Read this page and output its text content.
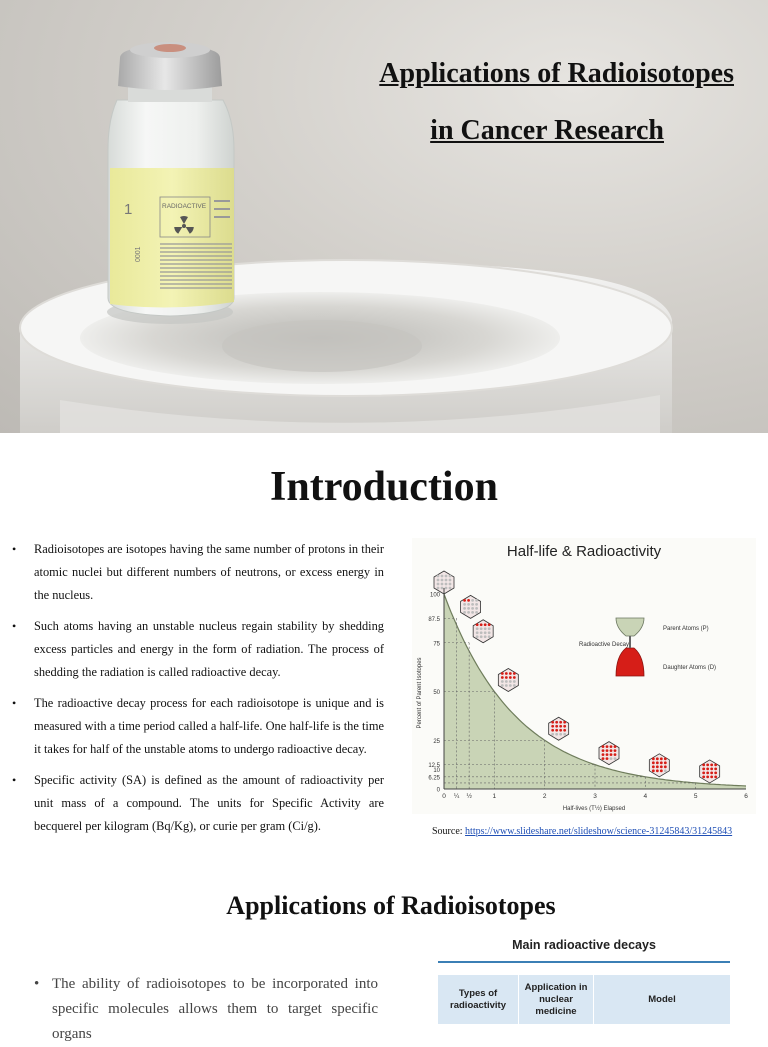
1	RADIOACTIVE
0001
Applications of Radioisotopes
in Cancer Research
Introduction
• Radioisotopes are isotopes having the same number of protons in their atomic nuclei but different numbers of neutrons, or excess energy in the nucleus.
• Such atoms having an unstable nucleus regain stability by shedding excess particles and energy in the form of radiation. The process of shedding the radiation is called radioactive decay.
• The radioactive decay process for each radioisotope is unique and is measured with a time period called a half-life. One half-life is the time it takes for half of the unstable atoms to undergo radioactive decay.
• Specific activity (SA) is defined as the amount of radioactivity per unit mass of a compound. The units for Specific Activity are becquerel per kilogram (Bq/Kg), or curie per gram (Ci/g).
Half-life & Radioactivity
100
87.5
75
50
25
12.5
6.25
10
0
0 ¼ ½	1	2	3	4	5	6
Half-lives (T½) Elapsed
Percent of Parent Isotopes
Radioactive Decay
Parent Atoms (P)
Daughter Atoms (D)
Source: https://www.slideshare.net/slideshow/science-31245843/31245843
Applications of Radioisotopes
• The ability of radioisotopes to be incorporated into specific molecules allows them to target specific organs
Main radioactive decays
Types of radioactivity	Application in nuclear medicine	Model
